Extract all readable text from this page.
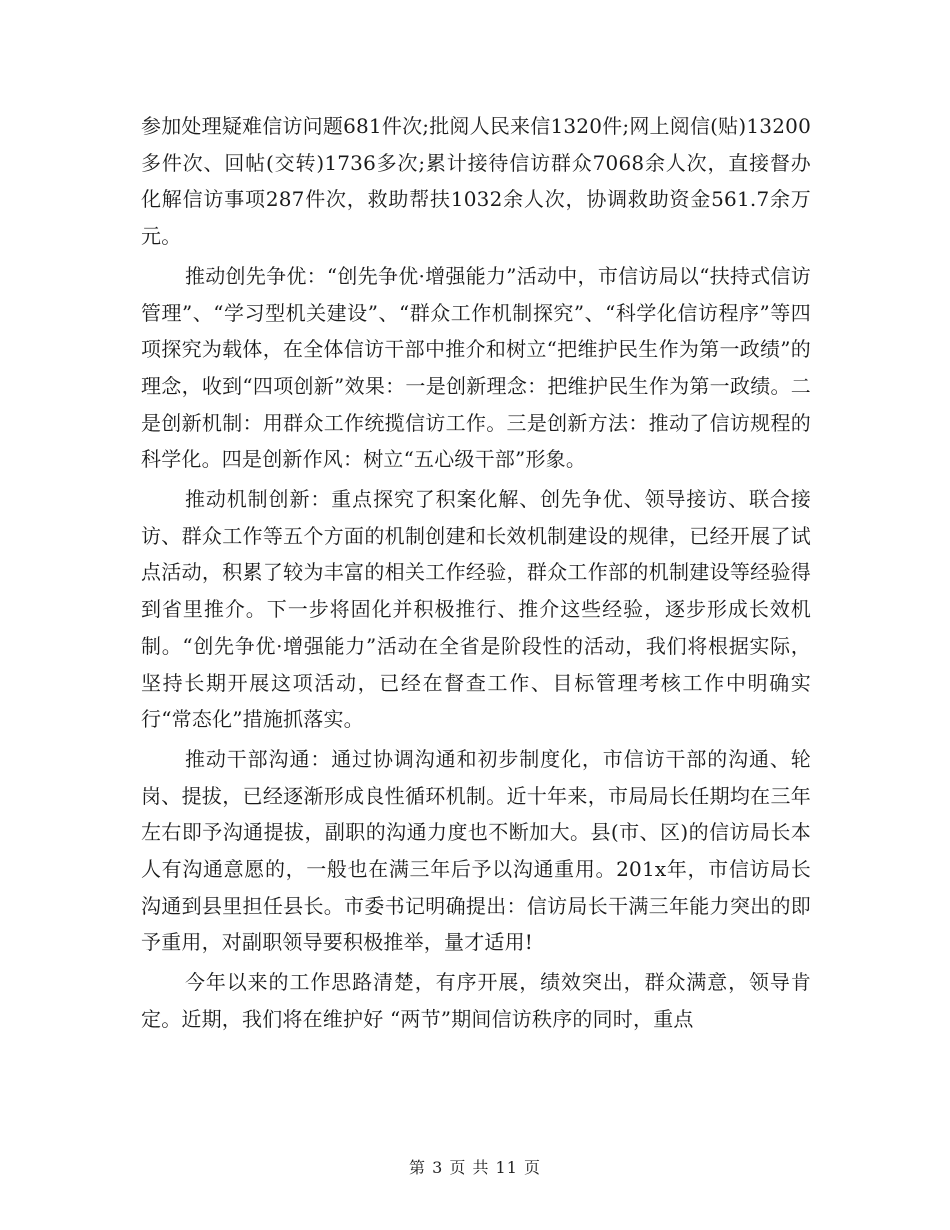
参加处理疑难信访问题681件次;批阅人民来信1320件;网上阅信(贴)13200多件次、回帖(交转)1736多次;累计接待信访群众7068余人次，直接督办化解信访事项287件次，救助帮扶1032余人次，协调救助资金561.7余万元。

推动创先争优：“创先争优·增强能力”活动中，市信访局以“扶持式信访管理”、“学习型机关建设”、“群众工作机制探究”、“科学化信访程序”等四项探究为载体，在全体信访干部中推介和树立“把维护民生作为第一政绩”的理念，收到“四项创新”效果：一是创新理念：把维护民生作为第一政绩。二是创新机制：用群众工作统揽信访工作。三是创新方法：推动了信访规程的科学化。四是创新作风：树立“五心级干部”形象。

推动机制创新：重点探究了积案化解、创先争优、领导接访、联合接访、群众工作等五个方面的机制创建和长效机制建设的规律，已经开展了试点活动，积累了较为丰富的相关工作经验，群众工作部的机制建设等经验得到省里推介。下一步将固化并积极推行、推介这些经验，逐步形成长效机制。“创先争优·增强能力”活动在全省是阶段性的活动，我们将根据实际，坚持长期开展这项活动，已经在督查工作、目标管理考核工作中明确实行“常态化”措施抓落实。

推动干部沟通：通过协调沟通和初步制度化，市信访干部的沟通、轮岗、提拔，已经逐渐形成良性循环机制。近十年来，市局局长任期均在三年左右即予沟通提拔，副职的沟通力度也不断加大。县(市、区)的信访局长本人有沟通意愿的，一般也在满三年后予以沟通重用。201x年，市信访局长沟通到县里担任县长。市委书记明确提出：信访局长干满三年能力突出的即予重用，对副职领导要积极推举，量才适用!

今年以来的工作思路清楚，有序开展，绩效突出，群众满意，领导肯定。近期，我们将在维护好 “两节”期间信访秩序的同时，重点

第 3 页 共 11 页
